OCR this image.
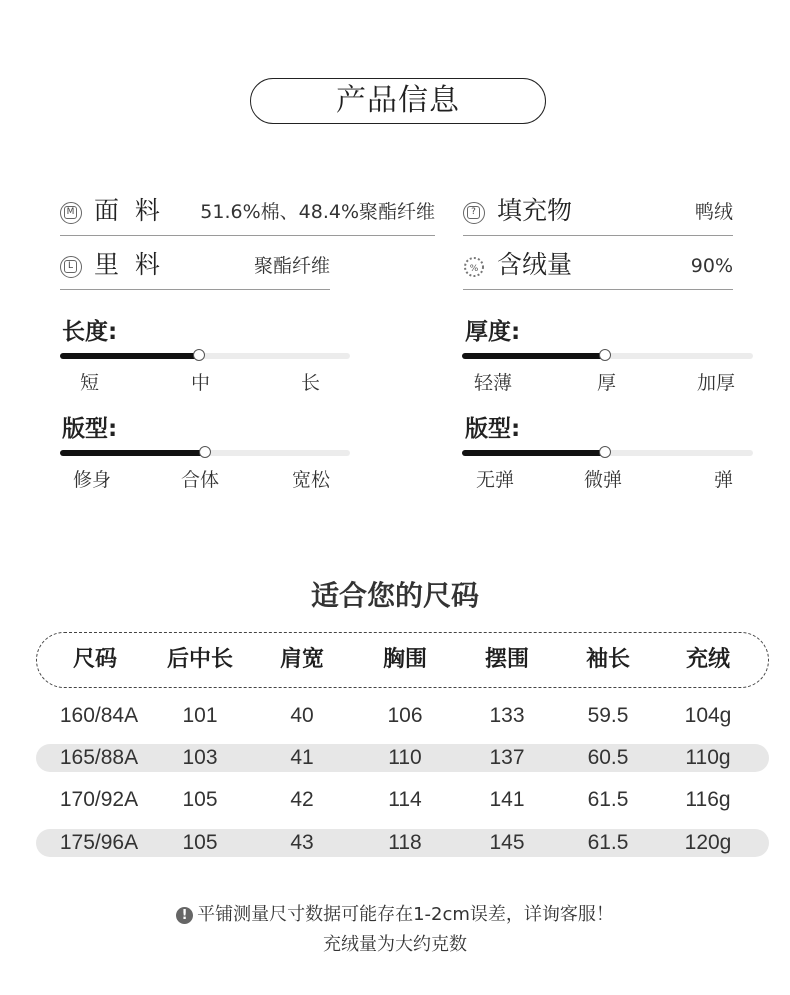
产品信息
M 面  料 51.6%棉、48.4%聚酯纤维
L 里  料	聚酯纤维
? 填充物	鸭绒
% 含绒量	90%
长度:
短	中	长
厚度:
轻薄	厚	加厚
版型:
修身	合体	宽松
版型:
无弹	微弹	弹
适合您的尺码
尺码	后中长	肩宽	胸围	摆围	袖长	充绒
160/84A	101	40	106	133	59.5	104g
165/88A	103	41	110	137	60.5	110g
170/92A	105	42	114	141	61.5	116g
175/96A	105	43	118	145	61.5	120g
! 平铺测量尺寸数据可能存在1-2cm误差，详询客服！
充绒量为大约克数
